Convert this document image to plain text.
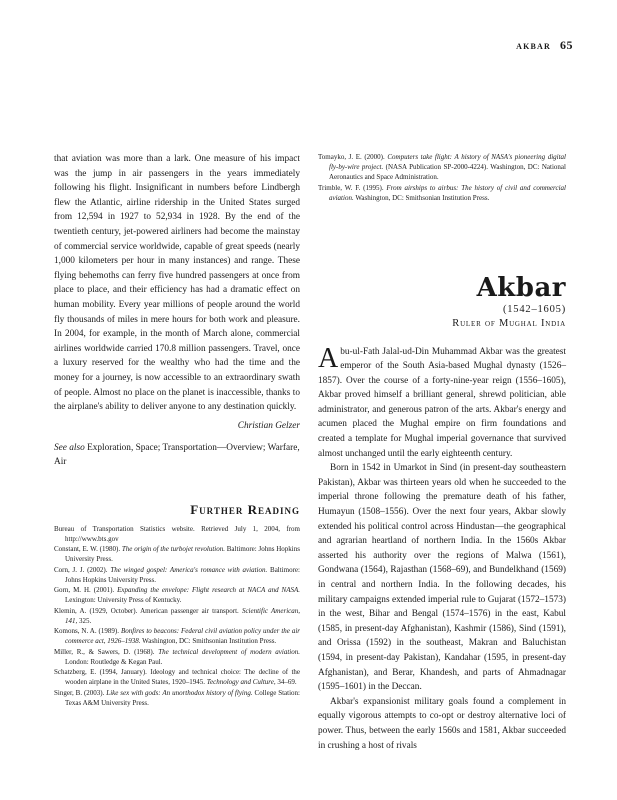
akbar 65

that aviation was more than a lark. One measure of his impact was the jump in air passengers in the years immediately following his flight. Insignificant in numbers before Lindbergh flew the Atlantic, airline ridership in the United States surged from 12,594 in 1927 to 52,934 in 1928. By the end of the twentieth century, jet-powered airliners had become the mainstay of commercial service worldwide, capable of great speeds (nearly 1,000 kilometers per hour in many instances) and range. These flying behemoths can ferry five hundred passengers at once from place to place, and their efficiency has had a dramatic effect on human mobility. Every year millions of people around the world fly thousands of miles in mere hours for both work and pleasure. In 2004, for example, in the month of March alone, commercial airlines worldwide carried 170.8 million passengers. Travel, once a luxury reserved for the wealthy who had the time and the money for a journey, is now accessible to an extraordinary swath of people. Almost no place on the planet is inaccessible, thanks to the airplane's ability to deliver anyone to any destination quickly.

Christian Gelzer

See also Exploration, Space; Transportation—Overview; Warfare, Air

Further Reading

Bureau of Transportation Statistics website. Retrieved July 1, 2004, from http://www.bts.gov

Constant, E. W. (1980). The origin of the turbojet revolution. Baltimore: Johns Hopkins University Press.

Corn, J. J. (2002). The winged gospel: America's romance with aviation. Baltimore: Johns Hopkins University Press.

Gorn, M. H. (2001). Expanding the envelope: Flight research at NACA and NASA. Lexington: University Press of Kentucky.

Klemin, A. (1929, October). American passenger air transport. Scientific American, 141, 325.

Komons, N. A. (1989). Bonfires to beacons: Federal civil aviation policy under the air commerce act, 1926–1938. Washington, DC: Smithsonian Institution Press.

Miller, R., & Sawers, D. (1968). The technical development of modern aviation. London: Routledge & Kegan Paul.

Schatzberg, E. (1994, January). Ideology and technical choice: The decline of the wooden airplane in the United States, 1920–1945. Technology and Culture, 34–69.

Singer, B. (2003). Like sex with gods: An unorthodox history of flying. College Station: Texas A&M University Press.

Tomayko, J. E. (2000). Computers take flight: A history of NASA's pioneering digital fly-by-wire project. (NASA Publication SP-2000-4224). Washington, DC: National Aeronautics and Space Administration.

Trimble, W. F. (1995). From airships to airbus: The history of civil and commercial aviation. Washington, DC: Smithsonian Institution Press.

Akbar
(1542–1605)
Ruler of Mughal India

Abu-ul-Fath Jalal-ud-Din Muhammad Akbar was the greatest emperor of the South Asia-based Mughal dynasty (1526–1857). Over the course of a forty-nine-year reign (1556–1605), Akbar proved himself a brilliant general, shrewd politician, able administrator, and generous patron of the arts. Akbar's energy and acumen placed the Mughal empire on firm foundations and created a template for Mughal imperial governance that survived almost unchanged until the early eighteenth century.

Born in 1542 in Umarkot in Sind (in present-day southeastern Pakistan), Akbar was thirteen years old when he succeeded to the imperial throne following the premature death of his father, Humayun (1508–1556). Over the next four years, Akbar slowly extended his political control across Hindustan—the geographical and agrarian heartland of northern India. In the 1560s Akbar asserted his authority over the regions of Malwa (1561), Gondwana (1564), Rajasthan (1568–69), and Bundelkhand (1569) in central and northern India. In the following decades, his military campaigns extended imperial rule to Gujarat (1572–1573) in the west, Bihar and Bengal (1574–1576) in the east, Kabul (1585, in present-day Afghanistan), Kashmir (1586), Sind (1591), and Orissa (1592) in the southeast, Makran and Baluchistan (1594, in present-day Pakistan), Kandahar (1595, in present-day Afghanistan), and Berar, Khandesh, and parts of Ahmadnagar (1595–1601) in the Deccan.

Akbar's expansionist military goals found a complement in equally vigorous attempts to co-opt or destroy alternative loci of power. Thus, between the early 1560s and 1581, Akbar succeeded in crushing a host of rivals
